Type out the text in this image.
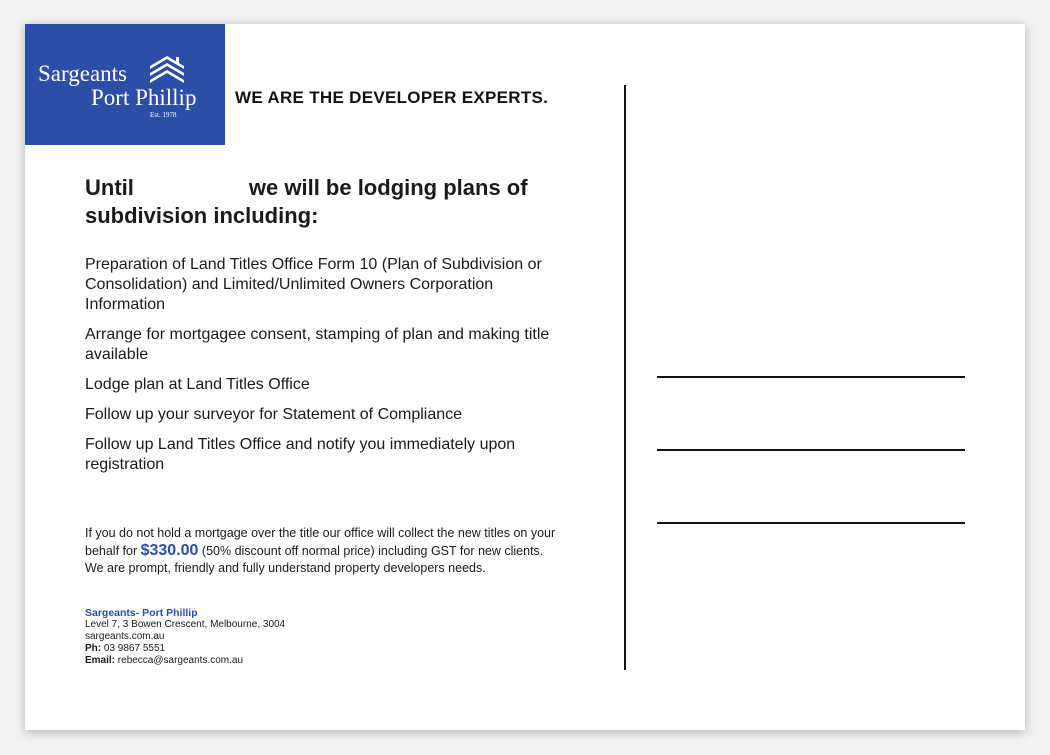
Sargeants
Port Phillip
Est. 1978
WE ARE THE DEVELOPER EXPERTS.
Until	we will be lodging plans of subdivision including:
Preparation of Land Titles Office Form 10 (Plan of Subdivision or Consolidation) and Limited/Unlimited Owners Corporation Information
Arrange for mortgagee consent, stamping of plan and making title available
Lodge plan at Land Titles Office
Follow up your surveyor for Statement of Compliance
Follow up Land Titles Office and notify you immediately upon registration
If you do not hold a mortgage over the title our office will collect the new titles on your behalf for $330.00 (50% discount off normal price) including GST for new clients. We are prompt, friendly and fully understand property developers needs.
Sargeants- Port Phillip
Level 7, 3 Bowen Crescent, Melbourne, 3004
sargeants.com.au
Ph: 03 9867 5551
Email: rebecca@sargeants.com.au
